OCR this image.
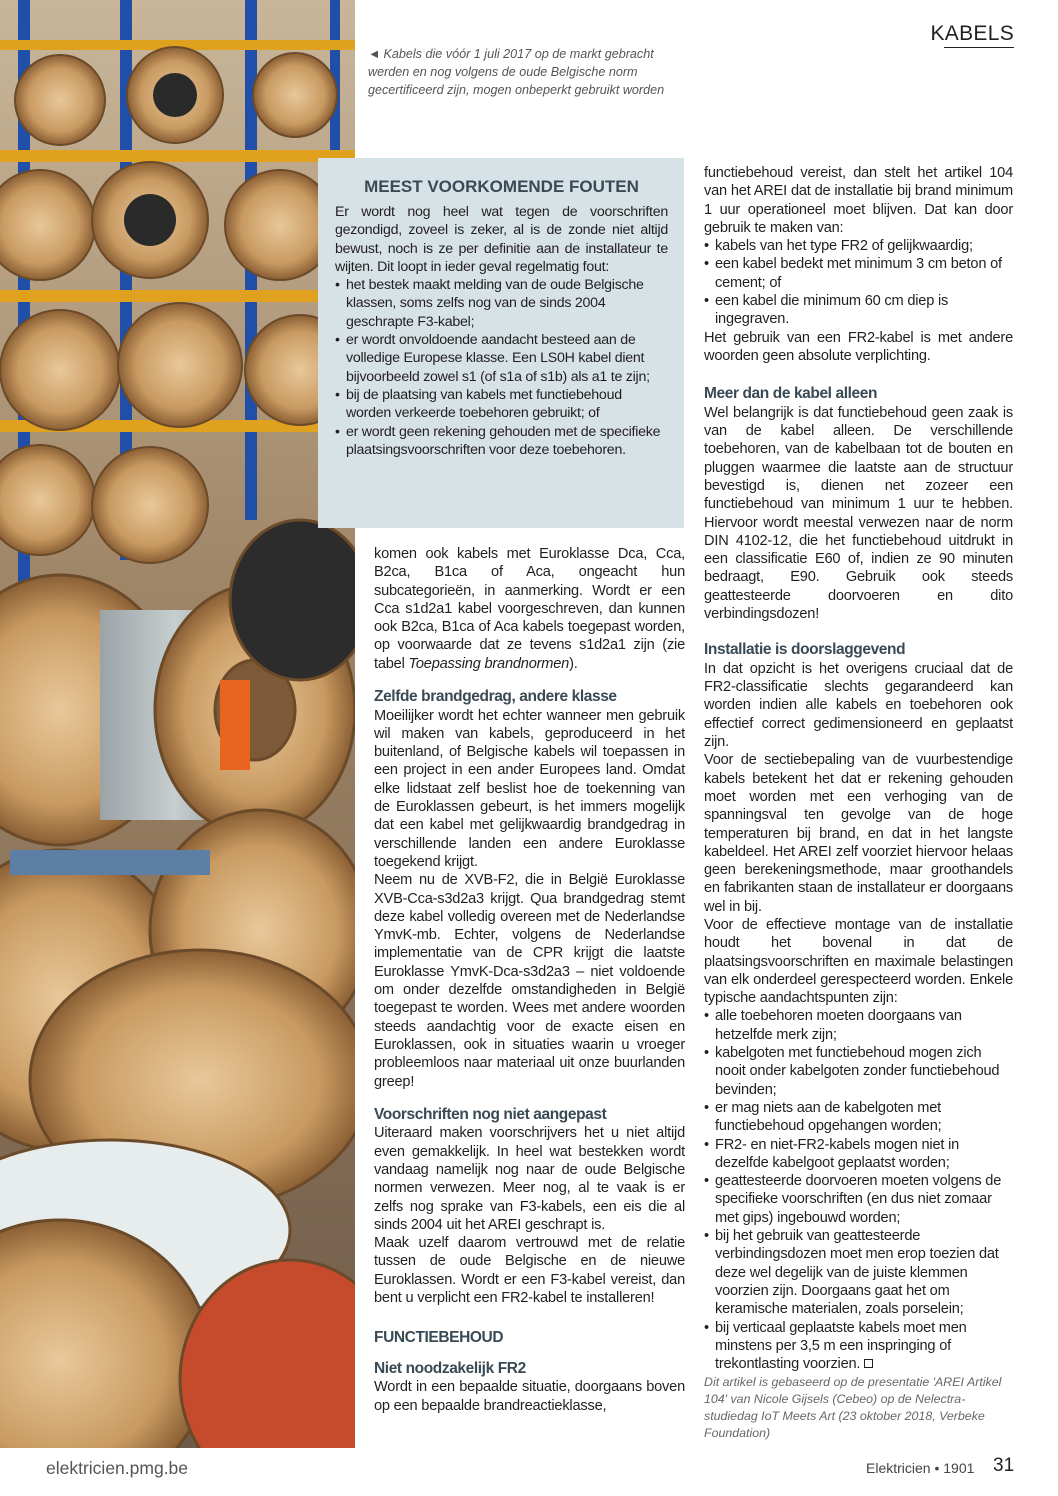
KABELS
◄ Kabels die vóór 1 juli 2017 op de markt gebracht werden en nog volgens de oude Belgische norm gecertificeerd zijn, mogen onbeperkt gebruikt worden
MEEST VOORKOMENDE FOUTEN

Er wordt nog heel wat tegen de voorschriften gezondigd, zoveel is zeker, al is de zonde niet altijd bewust, noch is ze per definitie aan de installateur te wijten. Dit loopt in ieder geval regelmatig fout:

• het bestek maakt melding van de oude Belgische klassen, soms zelfs nog van de sinds 2004 geschrapte F3-kabel;
• er wordt onvoldoende aandacht besteed aan de volledige Europese klasse. Een LS0H kabel dient bijvoorbeeld zowel s1 (of s1a of s1b) als a1 te zijn;
• bij de plaatsing van kabels met functiebehoud worden verkeerde toebehoren gebruikt; of
• er wordt geen rekening gehouden met de specifieke plaatsingsvoorschriften voor deze toebehoren.

komen ook kabels met Euroklasse Dca, Cca, B2ca, B1ca of Aca, ongeacht hun subcategorieën, in aanmerking. Wordt er een Cca s1d2a1 kabel voorgeschreven, dan kunnen ook B2ca, B1ca of Aca kabels toegepast worden, op voorwaarde dat ze tevens s1d2a1 zijn (zie tabel Toepassing brandnormen).

Zelfde brandgedrag, andere klasse

Moeilijker wordt het echter wanneer men gebruik wil maken van kabels, geproduceerd in het buitenland, of Belgische kabels wil toepassen in een project in een ander Europees land. Omdat elke lidstaat zelf beslist hoe de toekenning van de Euroklassen gebeurt, is het immers mogelijk dat een kabel met gelijkwaardig brandgedrag in verschillende landen een andere Euroklasse toegekend krijgt.

Neem nu de XVB-F2, die in België Euroklasse XVB-Cca-s3d2a3 krijgt. Qua brandgedrag stemt deze kabel volledig overeen met de Nederlandse YmvK-mb. Echter, volgens de Nederlandse implementatie van de CPR krijgt die laatste Euroklasse YmvK-Dca-s3d2a3 – niet voldoende om onder dezelfde omstandigheden in België toegepast te worden. Wees met andere woorden steeds aandachtig voor de exacte eisen en Euroklassen, ook in situaties waarin u vroeger probleemloos naar materiaal uit onze buurlanden greep!

Voorschriften nog niet aangepast

Uiteraard maken voorschrijvers het u niet altijd even gemakkelijk. In heel wat bestekken wordt vandaag namelijk nog naar de oude Belgische normen verwezen. Meer nog, al te vaak is er zelfs nog sprake van F3-kabels, een eis die al sinds 2004 uit het AREI geschrapt is.

Maak uzelf daarom vertrouwd met de relatie tussen de oude Belgische en de nieuwe Euroklassen. Wordt er een F3-kabel vereist, dan bent u verplicht een FR2-kabel te installeren!

FUNCTIEBEHOUD
Niet noodzakelijk FR2

Wordt in een bepaalde situatie, doorgaans boven op een bepaalde brandreactieklasse,

functiebehoud vereist, dan stelt het artikel 104 van het AREI dat de installatie bij brand minimum 1 uur operationeel moet blijven. Dat kan door gebruik te maken van:

• kabels van het type FR2 of gelijkwaardig;
• een kabel bedekt met minimum 3 cm beton of cement; of
• een kabel die minimum 60 cm diep is ingegraven.

Het gebruik van een FR2-kabel is met andere woorden geen absolute verplichting.

Meer dan de kabel alleen

Wel belangrijk is dat functiebehoud geen zaak is van de kabel alleen. De verschillende toebehoren, van de kabelbaan tot de bouten en pluggen waarmee die laatste aan de structuur bevestigd is, dienen net zozeer een functiebehoud van minimum 1 uur te hebben. Hiervoor wordt meestal verwezen naar de norm DIN 4102-12, die het functiebehoud uitdrukt in een classificatie E60 of, indien ze 90 minuten bedraagt, E90. Gebruik ook steeds geattesteerde doorvoeren en dito verbindingsdozen!

Installatie is doorslaggevend

In dat opzicht is het overigens cruciaal dat de FR2-classificatie slechts gegarandeerd kan worden indien alle kabels en toebehoren ook effectief correct gedimensioneerd en geplaatst zijn.

Voor de sectiebepaling van de vuurbestendige kabels betekent het dat er rekening gehouden moet worden met een verhoging van de spanningsval ten gevolge van de hoge temperaturen bij brand, en dat in het langste kabeldeel. Het AREI zelf voorziet hiervoor helaas geen berekeningsmethode, maar groothandels en fabrikanten staan de installateur er doorgaans wel in bij.

Voor de effectieve montage van de installatie houdt het bovenal in dat de plaatsingsvoorschriften en maximale belastingen van elk onderdeel gerespecteerd worden. Enkele typische aandachtspunten zijn:

• alle toebehoren moeten doorgaans van hetzelfde merk zijn;
• kabelgoten met functiebehoud mogen zich nooit onder kabelgoten zonder functiebehoud bevinden;
• er mag niets aan de kabelgoten met functiebehoud opgehangen worden;
• FR2- en niet-FR2-kabels mogen niet in dezelfde kabelgoot geplaatst worden;
• geattesteerde doorvoeren moeten volgens de specifieke voorschriften (en dus niet zomaar met gips) ingebouwd worden;
• bij het gebruik van geattesteerde verbindingsdozen moet men erop toezien dat deze wel degelijk van de juiste klemmen voorzien zijn. Doorgaans gaat het om keramische materialen, zoals porselein;
• bij verticaal geplaatste kabels moet men minstens per 3,5 m een inspringing of trekontlasting voorzien.
Dit artikel is gebaseerd op de presentatie 'AREI Artikel 104' van Nicole Gijsels (Cebeo) op de Nelectra-studiedag IoT Meets Art (23 oktober 2018, Verbeke Foundation)
elektricien.pmg.be	Elektricien • 1901 31
